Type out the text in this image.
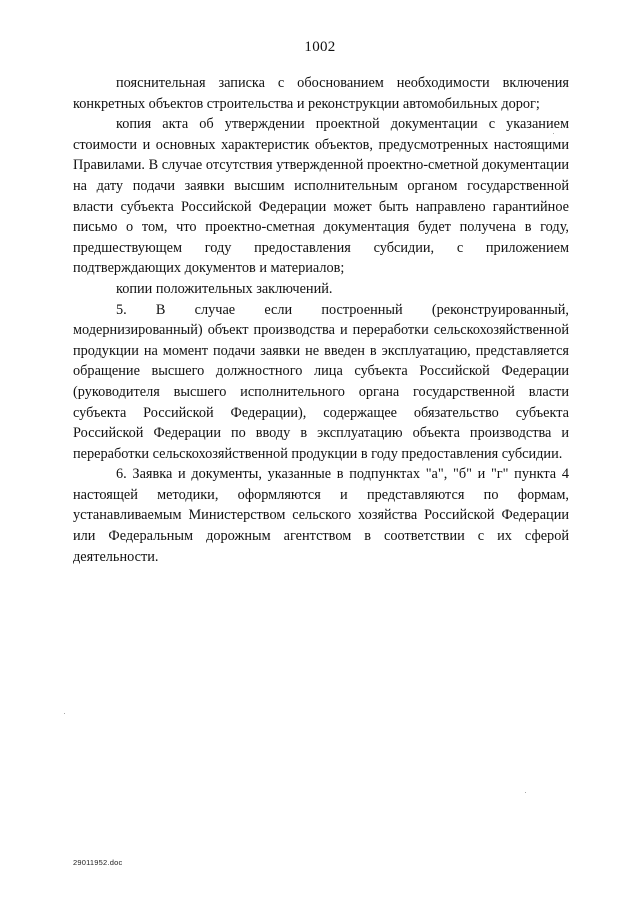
1002

пояснительная записка с обоснованием необходимости включения конкретных объектов строительства и реконструкции автомобильных дорог;

копия акта об утверждении проектной документации с указанием стоимости и основных характеристик объектов, предусмотренных настоящими Правилами. В случае отсутствия утвержденной проектно-сметной документации на дату подачи заявки высшим исполнительным органом государственной власти субъекта Российской Федерации может быть направлено гарантийное письмо о том, что проектно-сметная документация будет получена в году, предшествующем году предоставления субсидии, с приложением подтверждающих документов и материалов;

копии положительных заключений.

5. В случае если построенный (реконструированный, модернизированный) объект производства и переработки сельскохозяйственной продукции на момент подачи заявки не введен в эксплуатацию, представляется обращение высшего должностного лица субъекта Российской Федерации (руководителя высшего исполнительного органа государственной власти субъекта Российской Федерации), содержащее обязательство субъекта Российской Федерации по вводу в эксплуатацию объекта производства и переработки сельскохозяйственной продукции в году предоставления субсидии.

6. Заявка и документы, указанные в подпунктах "а", "б" и "г" пункта 4 настоящей методики, оформляются и представляются по формам, устанавливаемым Министерством сельского хозяйства Российской Федерации или Федеральным дорожным агентством в соответствии с их сферой деятельности.

29011952.doc
